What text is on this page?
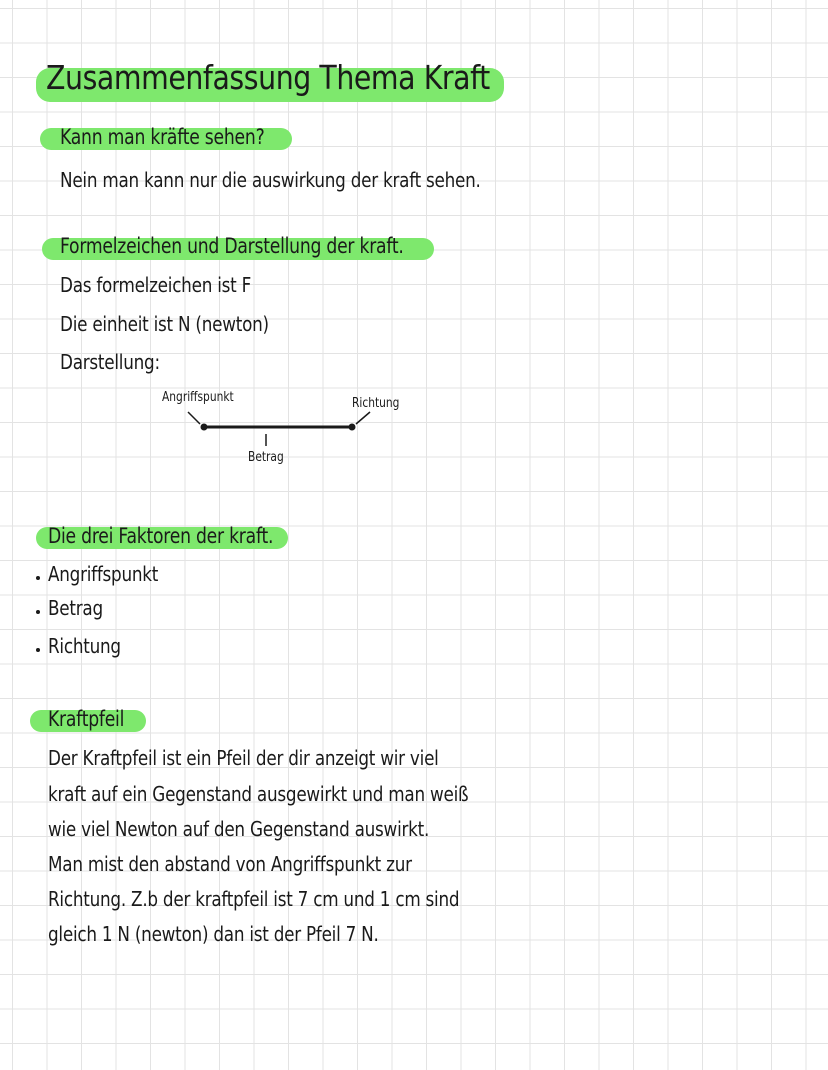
Zusammenfassung Thema Kraft
Kann man kräfte sehen?
Nein man kann nur die auswirkung der kraft sehen.
Formelzeichen und Darstellung der kraft.
Das formelzeichen ist F
Die einheit ist N (newton)
Darstellung:
Angriffspunkt	Richtung
Betrag
Die drei Faktoren der kraft.
Angriffspunkt
Betrag
Richtung
Kraftpfeil
Der Kraftpfeil ist ein Pfeil der dir anzeigt wir viel
kraft auf ein Gegenstand ausgewirkt und man weiß
wie viel Newton auf den Gegenstand auswirkt.
Man mist den abstand von Angriffspunkt zur
Richtung. Z.b der kraftpfeil ist 7 cm und 1 cm sind
gleich 1 N (newton) dan ist der Pfeil 7 N.
